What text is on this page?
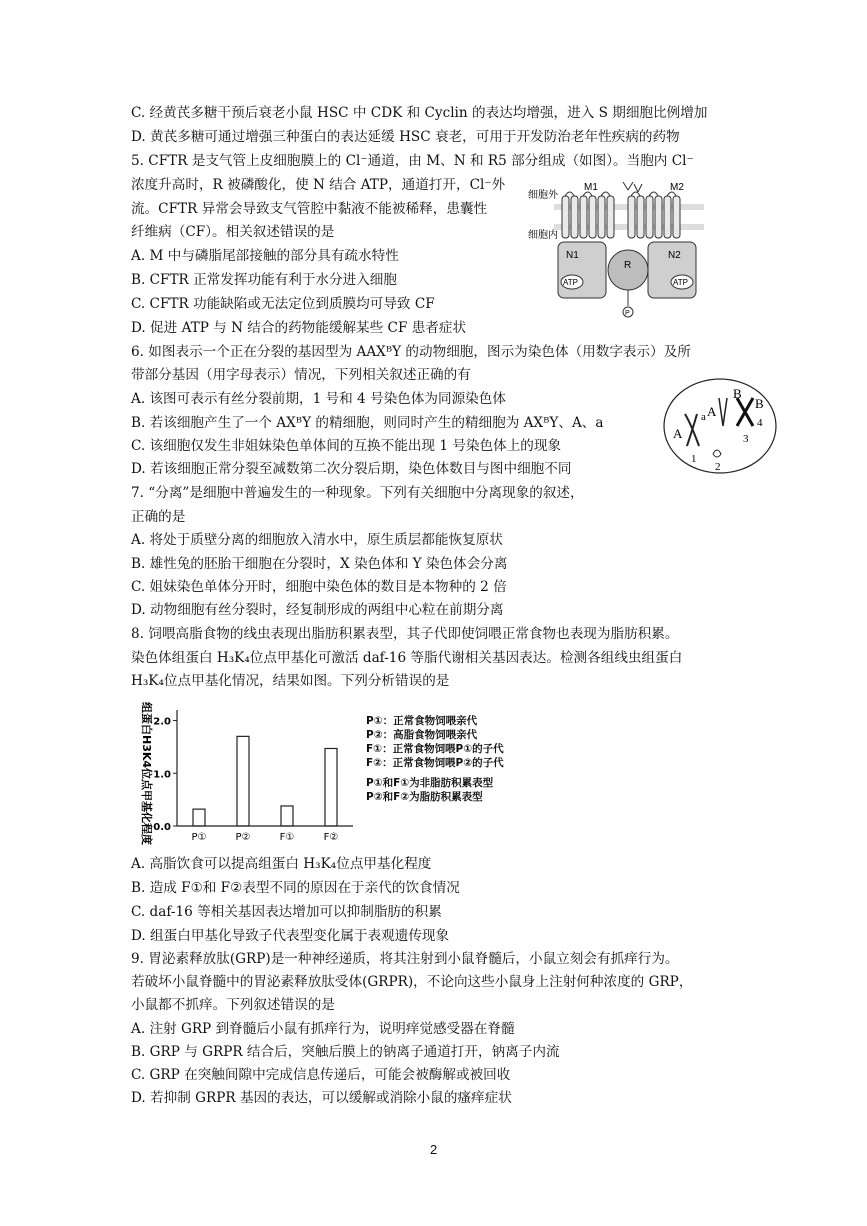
C. 经黄芪多糖干预后衰老小鼠 HSC 中 CDK 和 Cyclin 的表达均增强，进入 S 期细胞比例增加
D. 黄芪多糖可通过增强三种蛋白的表达延缓 HSC 衰老，可用于开发防治老年性疾病的药物
5. CFTR 是支气管上皮细胞膜上的 Cl⁻通道，由 M、N 和 R5 部分组成（如图）。当胞内 Cl⁻
浓度升高时，R 被磷酸化，使 N 结合 ATP，通道打开，Cl⁻外
流。CFTR 异常会导致支气管腔中黏液不能被稀释，患囊性
纤维病（CF）。相关叙述错误的是
A. M 中与磷脂尾部接触的部分具有疏水特性
B. CFTR 正常发挥功能有利于水分进入细胞
C. CFTR 功能缺陷或无法定位到质膜均可导致 CF
D. 促进 ATP 与 N 结合的药物能缓解某些 CF 患者症状
细胞外
细胞内
M1	M2
N1	N2
R
ATP	ATP
P
6. 如图表示一个正在分裂的基因型为 AAXᴮY 的动物细胞，图示为染色体（用数字表示）及所
带部分基因（用字母表示）情况，下列相关叙述正确的有
A. 该图可表示有丝分裂前期，1 号和 4 号染色体为同源染色体
B. 若该细胞产生了一个 AXᴮY 的精细胞，则同时产生的精细胞为 AXᴮY、A、a
C. 该细胞仅发生非姐妹染色单体间的互换不能出现 1 号染色体上的现象
D. 若该细胞正常分裂至减数第二次分裂后期，染色体数目与图中细胞不同
A
a A
B
B
1
2
3
4
7. “分离”是细胞中普遍发生的一种现象。下列有关细胞中分离现象的叙述，
正确的是
A. 将处于质壁分离的细胞放入清水中，原生质层都能恢复原状
B. 雄性兔的胚胎干细胞在分裂时，X 染色体和 Y 染色体会分离
C. 姐妹染色单体分开时，细胞中染色体的数目是本物种的 2 倍
D. 动物细胞有丝分裂时，经复制形成的两组中心粒在前期分离
8. 饲喂高脂食物的线虫表现出脂肪积累表型，其子代即使饲喂正常食物也表现为脂肪积累。
染色体组蛋白 H₃K₄位点甲基化可激活 daf-16 等脂代谢相关基因表达。检测各组线虫组蛋白
H₃K₄位点甲基化情况，结果如图。下列分析错误的是
组蛋白H3K4位点甲基化程度 0.0
1.0
2.0
P①	P②	F①	F②
P①：正常食物饲喂亲代
P②：高脂食物饲喂亲代
F①：正常食物饲喂P①的子代
F②：正常食物饲喂P②的子代
P①和F①为非脂肪积累表型
P②和F②为脂肪积累表型
A. 高脂饮食可以提高组蛋白 H₃K₄位点甲基化程度
B. 造成 F①和 F②表型不同的原因在于亲代的饮食情况
C. daf-16 等相关基因表达增加可以抑制脂肪的积累
D. 组蛋白甲基化导致子代表型变化属于表观遗传现象
9. 胃泌素释放肽(GRP)是一种神经递质，将其注射到小鼠脊髓后，小鼠立刻会有抓痒行为。
若破坏小鼠脊髓中的胃泌素释放肽受体(GRPR)，不论向这些小鼠身上注射何种浓度的 GRP，
小鼠都不抓痒。下列叙述错误的是
A. 注射 GRP 到脊髓后小鼠有抓痒行为，说明痒觉感受器在脊髓
B. GRP 与 GRPR 结合后，突触后膜上的钠离子通道打开，钠离子内流
C. GRP 在突触间隙中完成信息传递后，可能会被酶解或被回收
D. 若抑制 GRPR 基因的表达，可以缓解或消除小鼠的瘙痒症状
2
